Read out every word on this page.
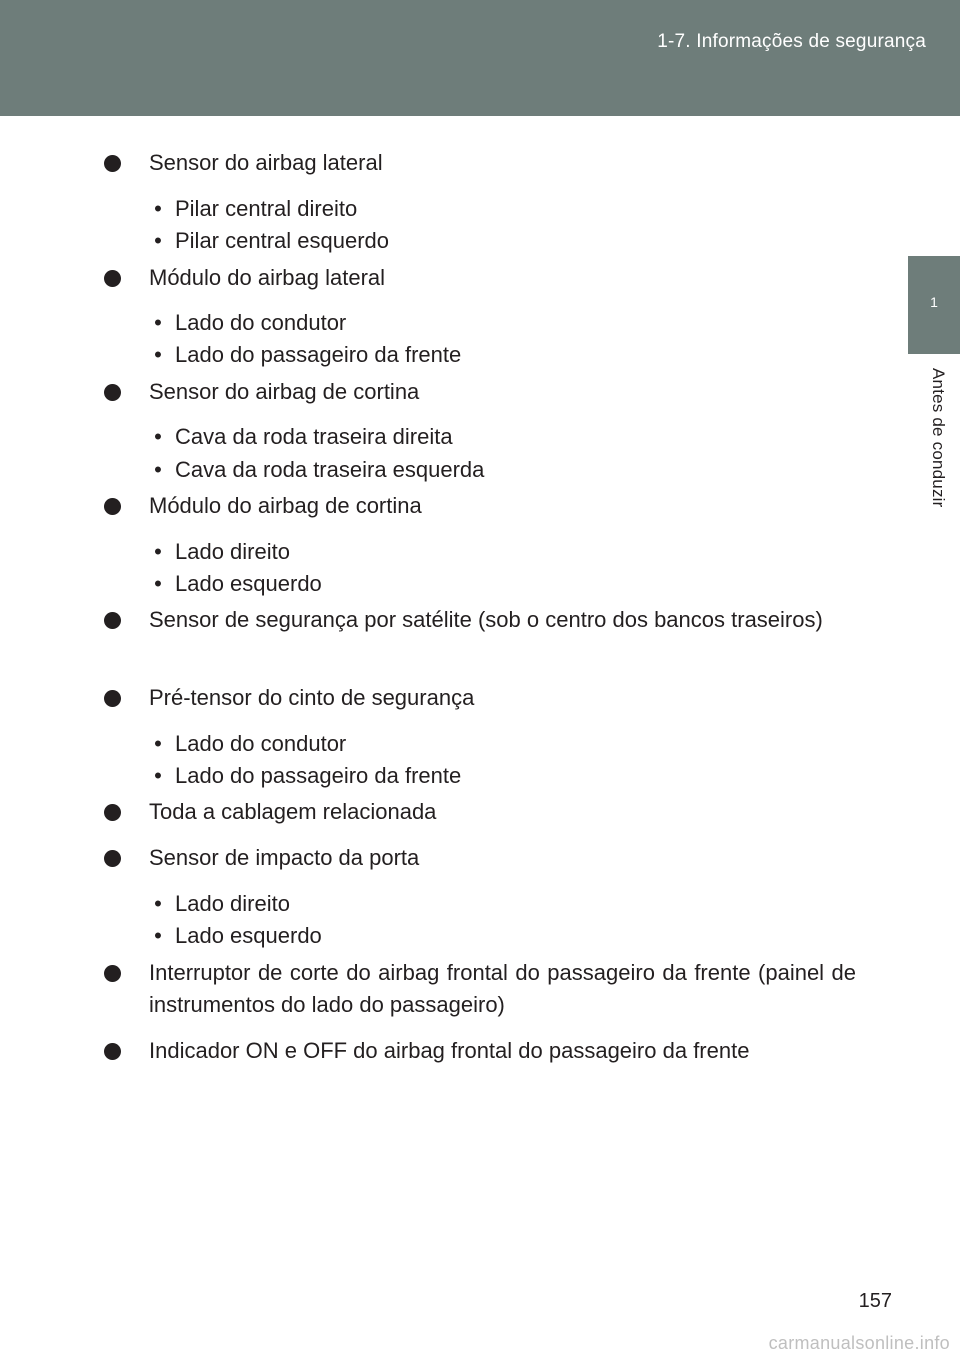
1-7. Informações de segurança
1
Antes de conduzir
Sensor do airbag lateral
• Pilar central direito
• Pilar central esquerdo
Módulo do airbag lateral
• Lado do condutor
• Lado do passageiro da frente
Sensor do airbag de cortina
• Cava da roda traseira direita
• Cava da roda traseira esquerda
Módulo do airbag de cortina
• Lado direito
• Lado esquerdo
Sensor de segurança por satélite (sob o centro dos bancos traseiros)
Pré-tensor do cinto de segurança
• Lado do condutor
• Lado do passageiro da frente
Toda a cablagem relacionada
Sensor de impacto da porta
• Lado direito
• Lado esquerdo
Interruptor de corte do airbag frontal do passageiro da frente (painel de instrumentos do lado do passageiro)
Indicador ON e OFF do airbag frontal do passageiro da frente
157
carmanualsonline.info
